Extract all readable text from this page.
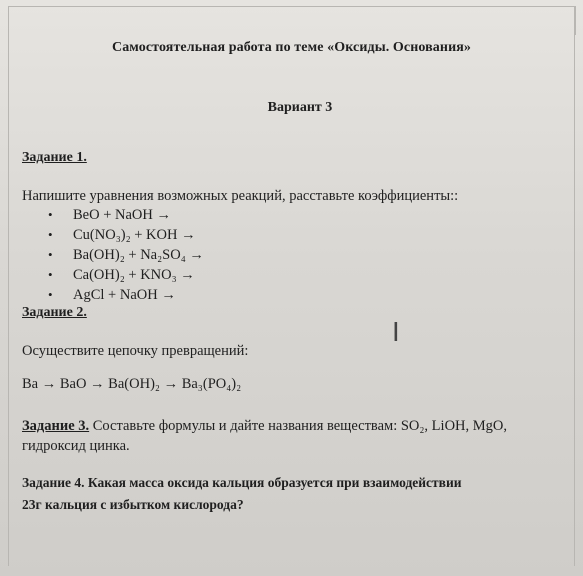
Самостоятельная работа по теме «Оксиды. Основания»
Вариант 3
Задание 1.
Напишите уравнения возможных реакций, расставьте коэффициенты::
• BeO + NaOH →
• Cu(NO₃)₂ + KOH →
• Ba(OH)₂ + Na₂SO₄ →
• Ca(OH)₂ + KNO₃ →
• AgCl + NaOH →
Задание 2.
Осуществите цепочку превращений:
Ba → BaO → Ba(OH)₂ → Ba₃(PO₄)₂
I
Задание 3. Составьте формулы и дайте названия веществам: SO₂, LiOH, MgO,
гидроксид цинка.
Задание 4. Какая масса оксида кальция образуется при взаимодействии
23г кальция с избытком кислорода?
